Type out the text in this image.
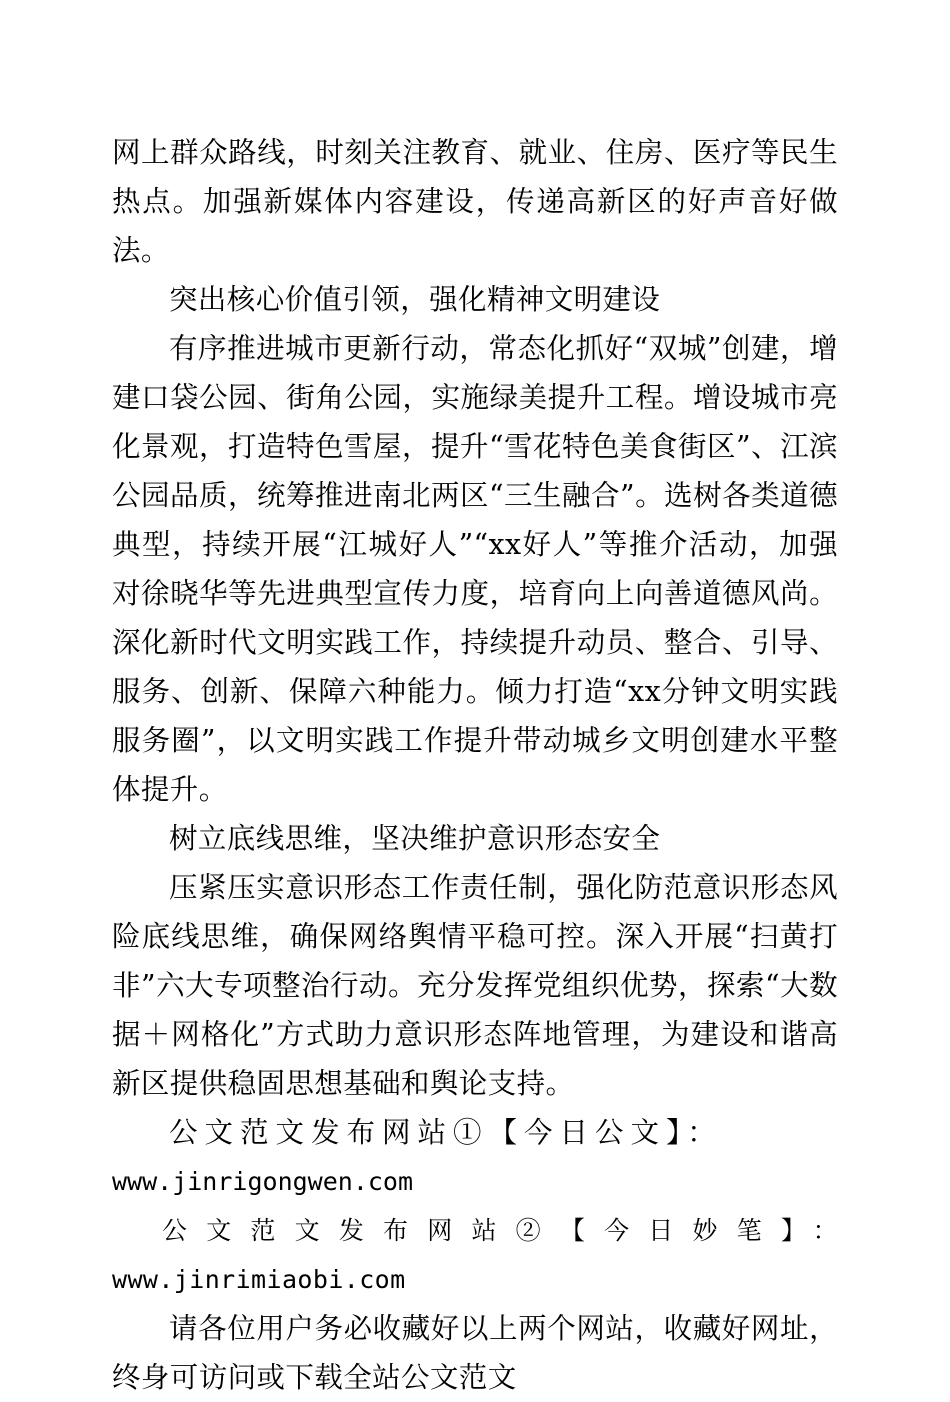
网上群众路线，时刻关注教育、就业、住房、医疗等民生热点。加强新媒体内容建设，传递高新区的好声音好做法。

突出核心价值引领，强化精神文明建设

有序推进城市更新行动，常态化抓好“双城”创建，增建口袋公园、街角公园，实施绿美提升工程。增设城市亮化景观，打造特色雪屋，提升“雪花特色美食街区”、江滨公园品质，统筹推进南北两区“三生融合”。选树各类道德典型，持续开展“江城好人”“xx好人”等推介活动，加强对徐晓华等先进典型宣传力度，培育向上向善道德风尚。深化新时代文明实践工作，持续提升动员、整合、引导、服务、创新、保障六种能力。倾力打造“xx分钟文明实践服务圈”，以文明实践工作提升带动城乡文明创建水平整体提升。

树立底线思维，坚决维护意识形态安全

压紧压实意识形态工作责任制，强化防范意识形态风险底线思维，确保网络舆情平稳可控。深入开展“扫黄打非”六大专项整治行动。充分发挥党组织优势，探索“大数据＋网格化”方式助力意识形态阵地管理，为建设和谐高新区提供稳固思想基础和舆论支持。

公文范文发布网站①【今日公文】：

www.jinrigongwen.com

公文范文发布网站②【今日妙笔】：www.jinrimiaobi.com

请各位用户务必收藏好以上两个网站，收藏好网址，终身可访问或下载全站公文范文
